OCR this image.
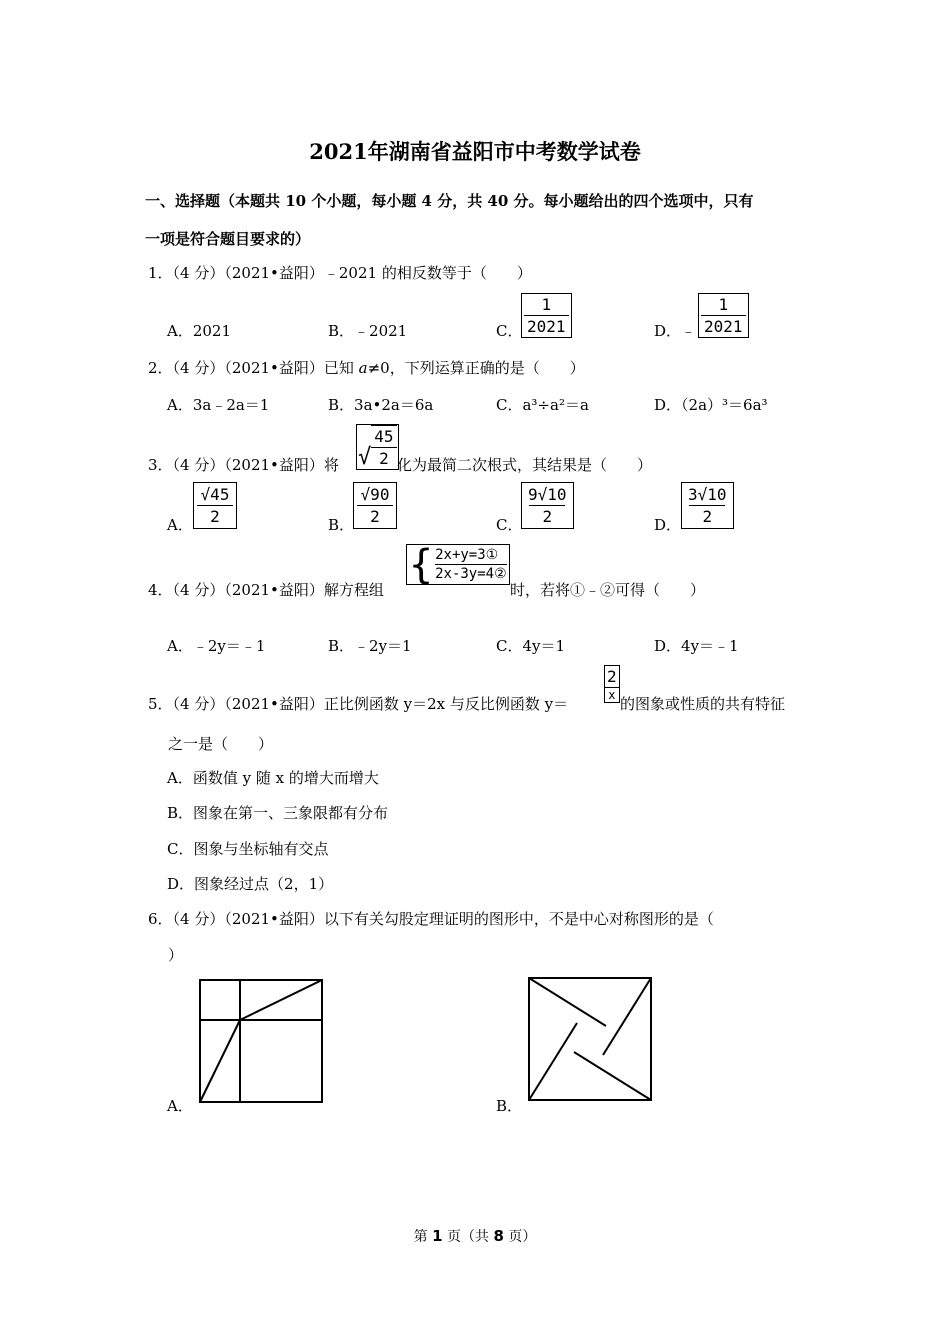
2021年湖南省益阳市中考数学试卷
一、选择题（本题共 10 个小题，每小题 4 分，共 40 分。每小题给出的四个选项中，只有
一项是符合题目要求的）
1．（4 分）（2021•益阳）﹣2021 的相反数等于（　　）
A．2021	B．﹣2021	C．
$\frac{1}{2021}$	D．﹣ $\frac{1}{2021}$
2．（4 分）（2021•益阳）已知 a≠0，下列运算正确的是（　　）
A．3a﹣2a＝1	B．3a•2a＝6a	C．a³÷a²＝a	D．（2a）³＝6a³
3．（4 分）（2021•益阳）将 √ $\frac{45}{2}$ 化为最简二次根式，其结果是（　　）
A． $\frac{√45}{2}$	B．
$\frac{√90}{2}$	C．
$\frac{9√10}{2}$	D． $\frac{3√10}{2}$
4．（4 分）（2021•益阳）解方程组
{ 2x+y=3①
2x-3y=4②
时，若将①﹣②可得（　　）
A．﹣2y＝﹣1	B．﹣2y＝1	C．4y＝1	D．4y＝﹣1
5．（4 分）（2021•益阳）正比例函数 y＝2x 与反比例函数 y＝
2
x 的图象或性质的共有特征
之一是（　　）
A．函数值 y 随 x 的增大而增大
B．图象在第一、三象限都有分布
C．图象与坐标轴有交点
D．图象经过点（2，1）
6．（4 分）（2021•益阳）以下有关勾股定理证明的图形中，不是中心对称图形的是（
）
A．	B．
第 1 页（共 8 页）
